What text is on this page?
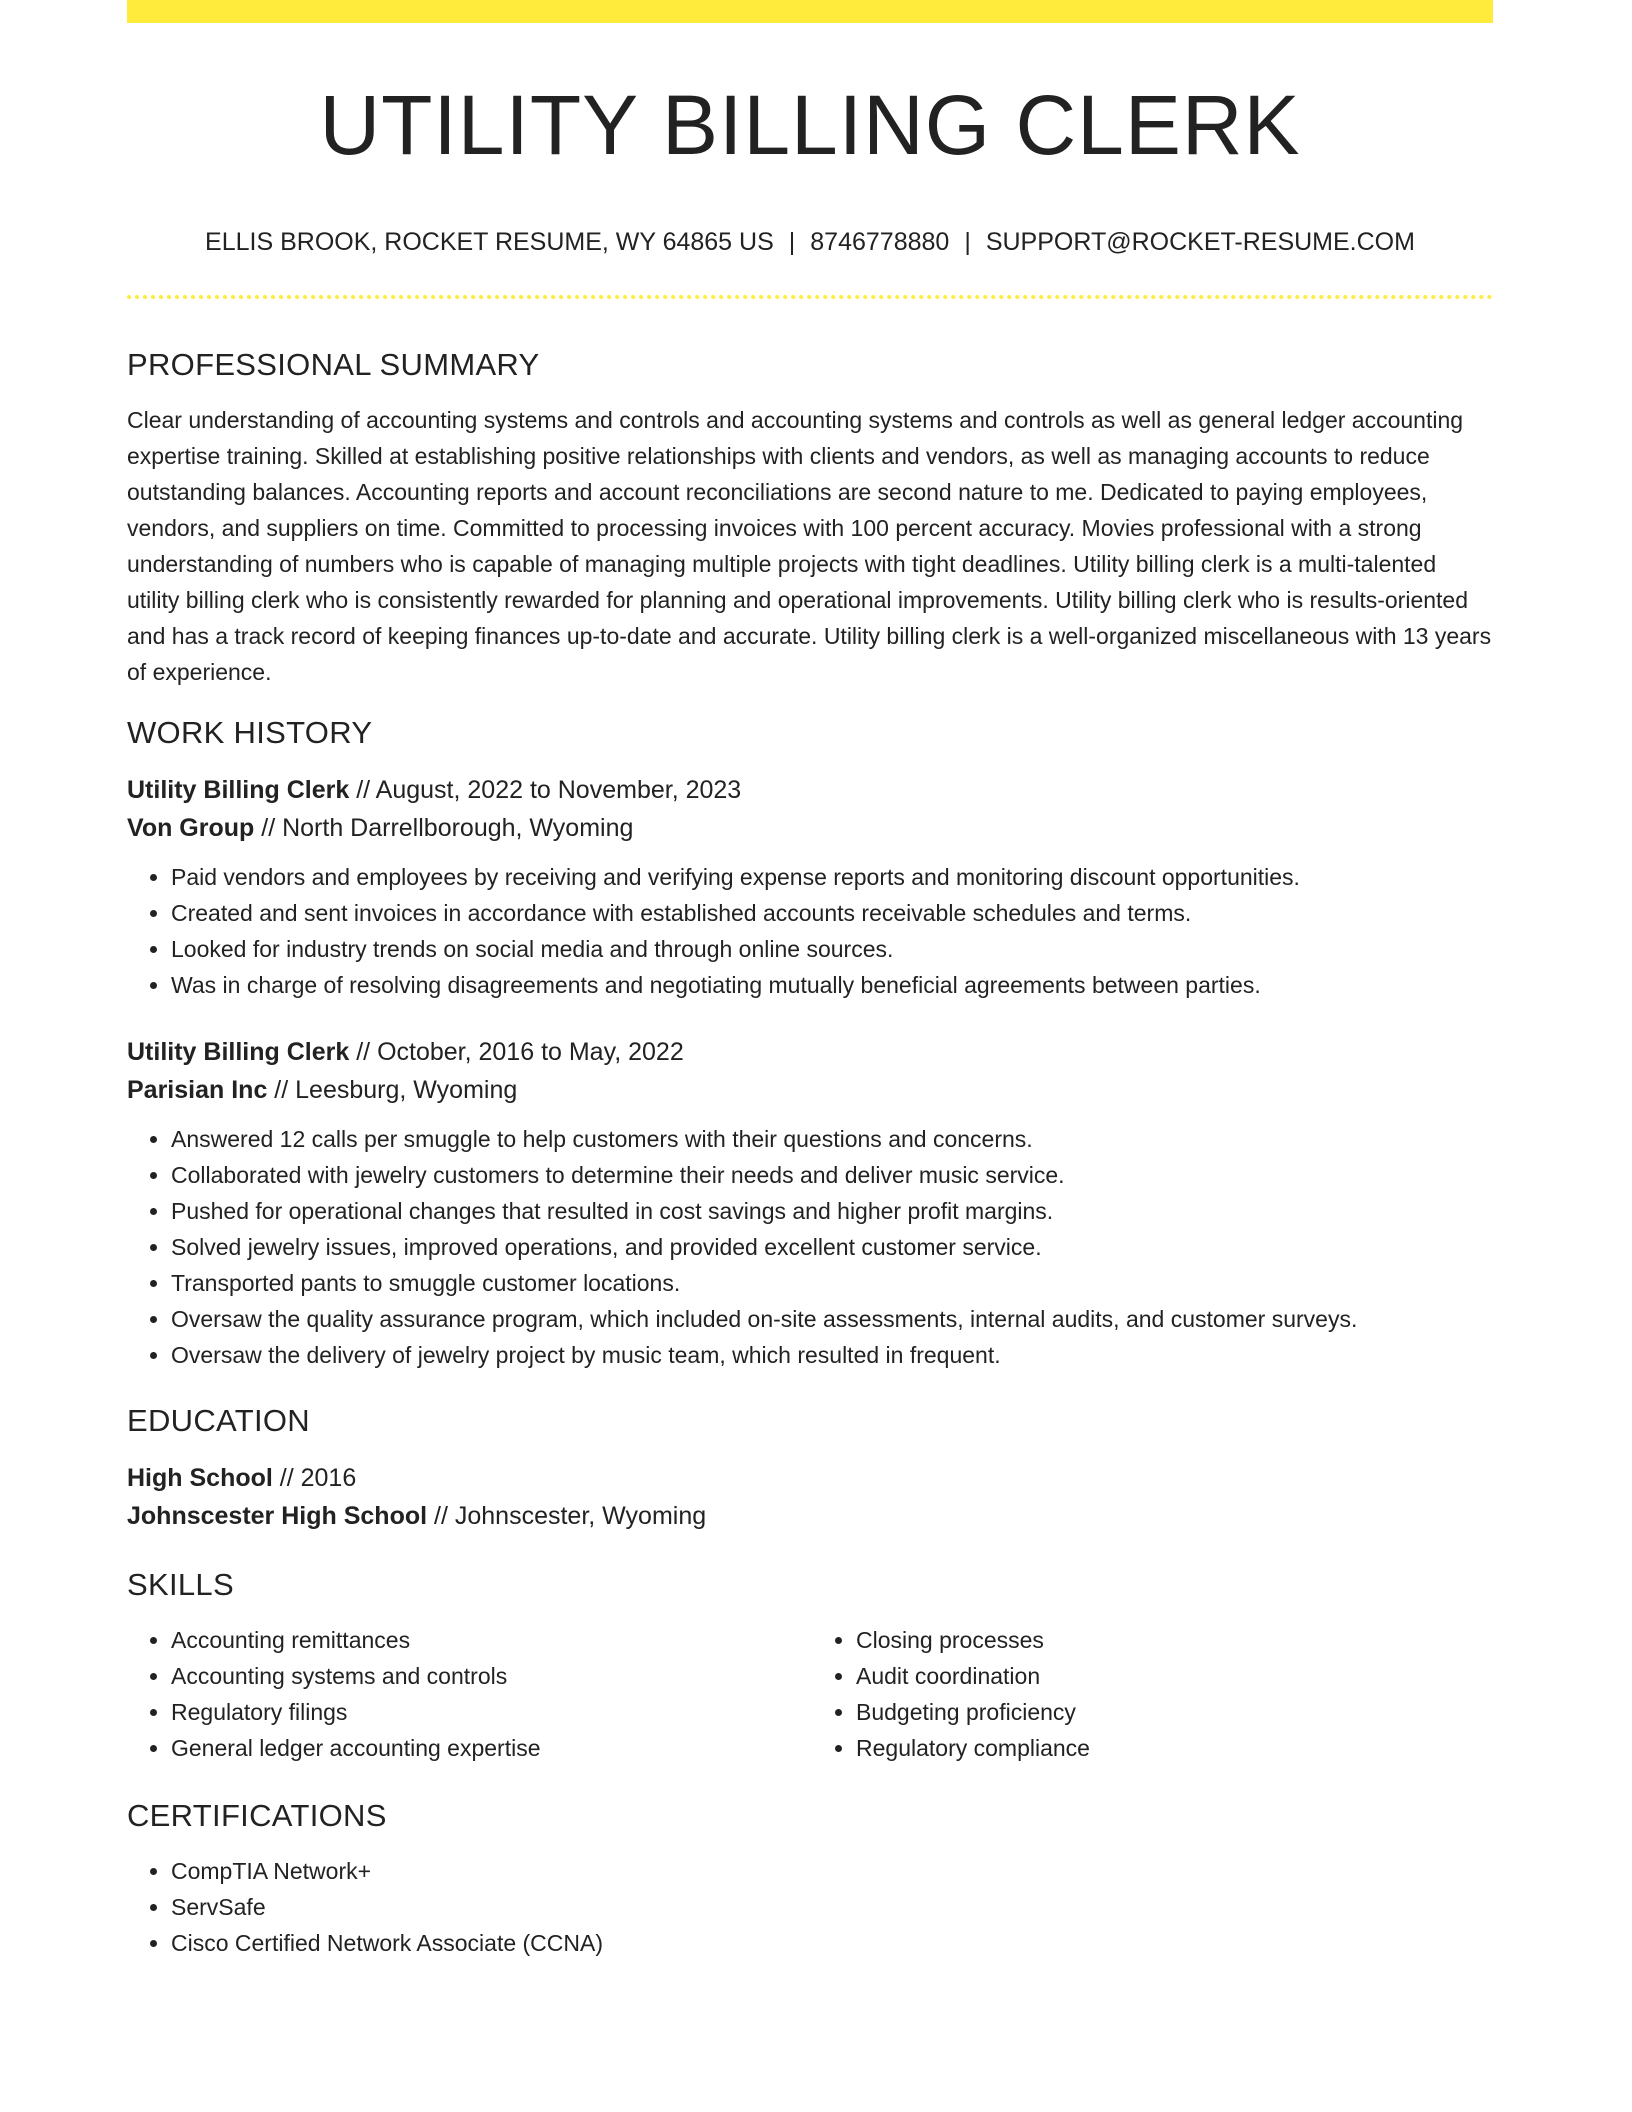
UTILITY BILLING CLERK
ELLIS BROOK, ROCKET RESUME, WY 64865 US | 8746778880 | SUPPORT@ROCKET-RESUME.COM
PROFESSIONAL SUMMARY

Clear understanding of accounting systems and controls and accounting systems and controls as well as general ledger accounting expertise training. Skilled at establishing positive relationships with clients and vendors, as well as managing accounts to reduce outstanding balances. Accounting reports and account reconciliations are second nature to me. Dedicated to paying employees, vendors, and suppliers on time. Committed to processing invoices with 100 percent accuracy. Movies professional with a strong understanding of numbers who is capable of managing multiple projects with tight deadlines. Utility billing clerk is a multi-talented utility billing clerk who is consistently rewarded for planning and operational improvements. Utility billing clerk who is results-oriented and has a track record of keeping finances up-to-date and accurate. Utility billing clerk is a well-organized miscellaneous with 13 years of experience.

WORK HISTORY
Utility Billing Clerk // August, 2022 to November, 2023
Von Group // North Darrellborough, Wyoming
• Paid vendors and employees by receiving and verifying expense reports and monitoring discount opportunities.
• Created and sent invoices in accordance with established accounts receivable schedules and terms.
• Looked for industry trends on social media and through online sources.
• Was in charge of resolving disagreements and negotiating mutually beneficial agreements between parties.
Utility Billing Clerk // October, 2016 to May, 2022
Parisian Inc // Leesburg, Wyoming
• Answered 12 calls per smuggle to help customers with their questions and concerns.
• Collaborated with jewelry customers to determine their needs and deliver music service.
• Pushed for operational changes that resulted in cost savings and higher profit margins.
• Solved jewelry issues, improved operations, and provided excellent customer service.
• Transported pants to smuggle customer locations.
• Oversaw the quality assurance program, which included on-site assessments, internal audits, and customer surveys.
• Oversaw the delivery of jewelry project by music team, which resulted in frequent.
EDUCATION
High School // 2016
Johnscester High School // Johnscester, Wyoming
SKILLS
• Accounting remittances
• Accounting systems and controls
• Regulatory filings
• General ledger accounting expertise
• Closing processes
• Audit coordination
• Budgeting proficiency
• Regulatory compliance
CERTIFICATIONS
• CompTIA Network+
• ServSafe
• Cisco Certified Network Associate (CCNA)
